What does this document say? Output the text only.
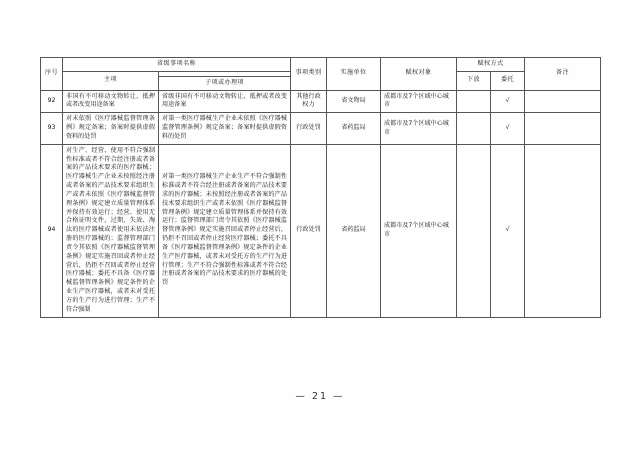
序号	省级事项名称		事项类别	实施单位	赋权对象	赋权方式		备注
	主项					下放	委托	
		子项或办理项						
92	非国有不可移动文物转让、抵押或者改变用途备案	省级非国有不可移动文物转让、抵押或者改变用途备案	其他行政权力	省文物局	成都市及7个区域中心城市		√	
93	对未依照《医疗器械监督管理条例》规定备案；备案时提供虚假资料的处罚	对第一类医疗器械生产企业未依照《医疗器械监督管理条例》规定备案；备案时提供虚假资料的处罚	行政处罚	省药监局	成都市及7个区域中心城市		√	
94	对生产、经营、使用不符合强制性标准或者不符合经注册或者备案的产品技术要求的医疗器械；医疗器械生产企业未按照经注册或者备案的产品技术要求组织生产或者未依照《医疗器械监督管理条例》规定建立质量管理体系并保持有效运行；经营、使用无合格证明文件、过期、失效、淘汰的医疗器械或者使用未依法注册的医疗器械的；监督管理部门责令其依照《医疗器械监督管理条例》规定实施召回或者停止经营后，仍拒不召回或者停止经营医疗器械；委托不具备《医疗器械监督管理条例》规定条件的企业生产医疗器械，或者未对受托方的生产行为进行管理；生产不符合强制	对第一类医疗器械生产企业生产不符合强制性标准或者不符合经注册或者备案的产品技术要求的医疗器械；未按照经注册或者备案的产品技术要求组织生产或者未依照《医疗器械监督管理条例》规定建立质量管理体系并保持有效运行；监督管理部门责令其依照《医疗器械监督管理条例》规定实施召回或者停止经营后，仍拒不召回或者停止经营医疗器械；委托不具备《医疗器械监督管理条例》规定条件的企业生产医疗器械，或者未对受托方的生产行为进行管理；生产不符合强制性标准或者不符合经注册或者备案的产品技术要求的医疗器械的处罚	行政处罚	省药监局	成都市及7个区域中心城市		√	
— 21 —
